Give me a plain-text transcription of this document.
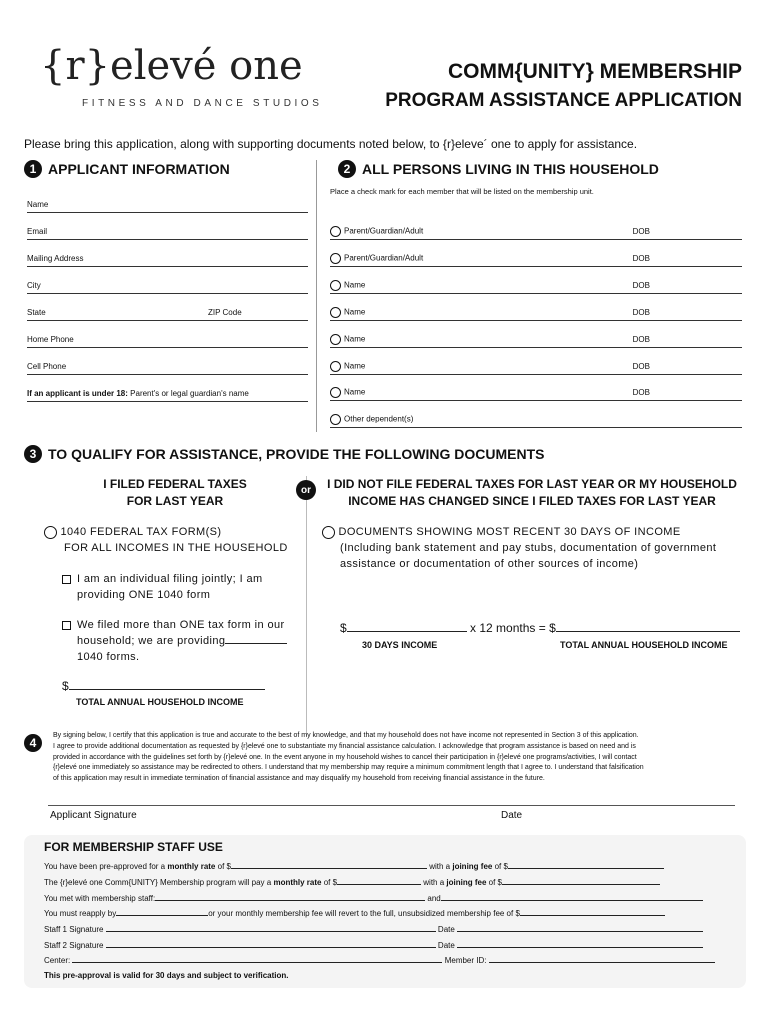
{r}elevé one
FITNESS AND DANCE STUDIOS
COMM{UNITY} MEMBERSHIP
PROGRAM ASSISTANCE APPLICATION
Please bring this application, along with supporting documents noted below, to {r}eleve´ one to apply for assistance.
1 APPLICANT INFORMATION
Name
Email
Mailing Address
City
State	ZIP Code
Home Phone
Cell Phone
If an applicant is under 18: Parent's or legal guardian's name
2 ALL PERSONS LIVING IN THIS HOUSEHOLD
Place a check mark for each member that will be listed on the membership unit.
Parent/Guardian/Adult	DOB
Parent/Guardian/Adult	DOB
Name	DOB
Name	DOB
Name	DOB
Name	DOB
Name	DOB
Other dependent(s)
3 TO QUALIFY FOR ASSISTANCE, PROVIDE THE FOLLOWING DOCUMENTS
or
I FILED FEDERAL TAXES
FOR LAST YEAR
1040 FEDERAL TAX FORM(S)
FOR ALL INCOMES IN THE HOUSEHOLD
I am an individual filing jointly; I am
providing ONE 1040 form
We filed more than ONE tax form in our
household; we are providing
1040 forms.
$
TOTAL ANNUAL HOUSEHOLD INCOME
I DID NOT FILE FEDERAL TAXES FOR LAST YEAR OR MY HOUSEHOLD
INCOME HAS CHANGED SINCE I FILED TAXES FOR LAST YEAR
DOCUMENTS SHOWING MOST RECENT 30 DAYS OF INCOME
(Including bank statement and pay stubs, documentation of government
assistance or documentation of other sources of income)
$	x 12 months = $
30 DAYS INCOME	TOTAL ANNUAL HOUSEHOLD INCOME
4
By signing below, I certify that this application is true and accurate to the best of my knowledge, and that my household does not have income not represented in Section 3 of this application.
I agree to provide additional documentation as requested by {r}elevé one to substantiate my financial assistance calculation. I acknowledge that program assistance is based on need and is
provided in accordance with the guidelines set forth by {r}elevé one. In the event anyone in my household wishes to cancel their participation in {r}elevé one programs/activities, I will contact
{r}elevé one immediately so assistance may be redirected to others. I understand that my membership may require a minimum commitment length that I agree to. I understand that falsification
of this application may result in immediate termination of financial assistance and may disqualify my household from receiving financial assistance in the future.
Applicant Signature	Date
FOR MEMBERSHIP STAFF USE
You have been pre-approved for a monthly rate of $	with a joining fee of $
The {r}elevé one Comm{UNITY} Membership program will pay a monthly rate of $	with a joining fee of $
You met with membership staff:	and
You must reapply by	or your monthly membership fee will revert to the full, unsubsidized membership fee of $
Staff 1 Signature	Date
Staff 2 Signature	Date
Center:	Member ID:
This pre-approval is valid for 30 days and subject to verification.
